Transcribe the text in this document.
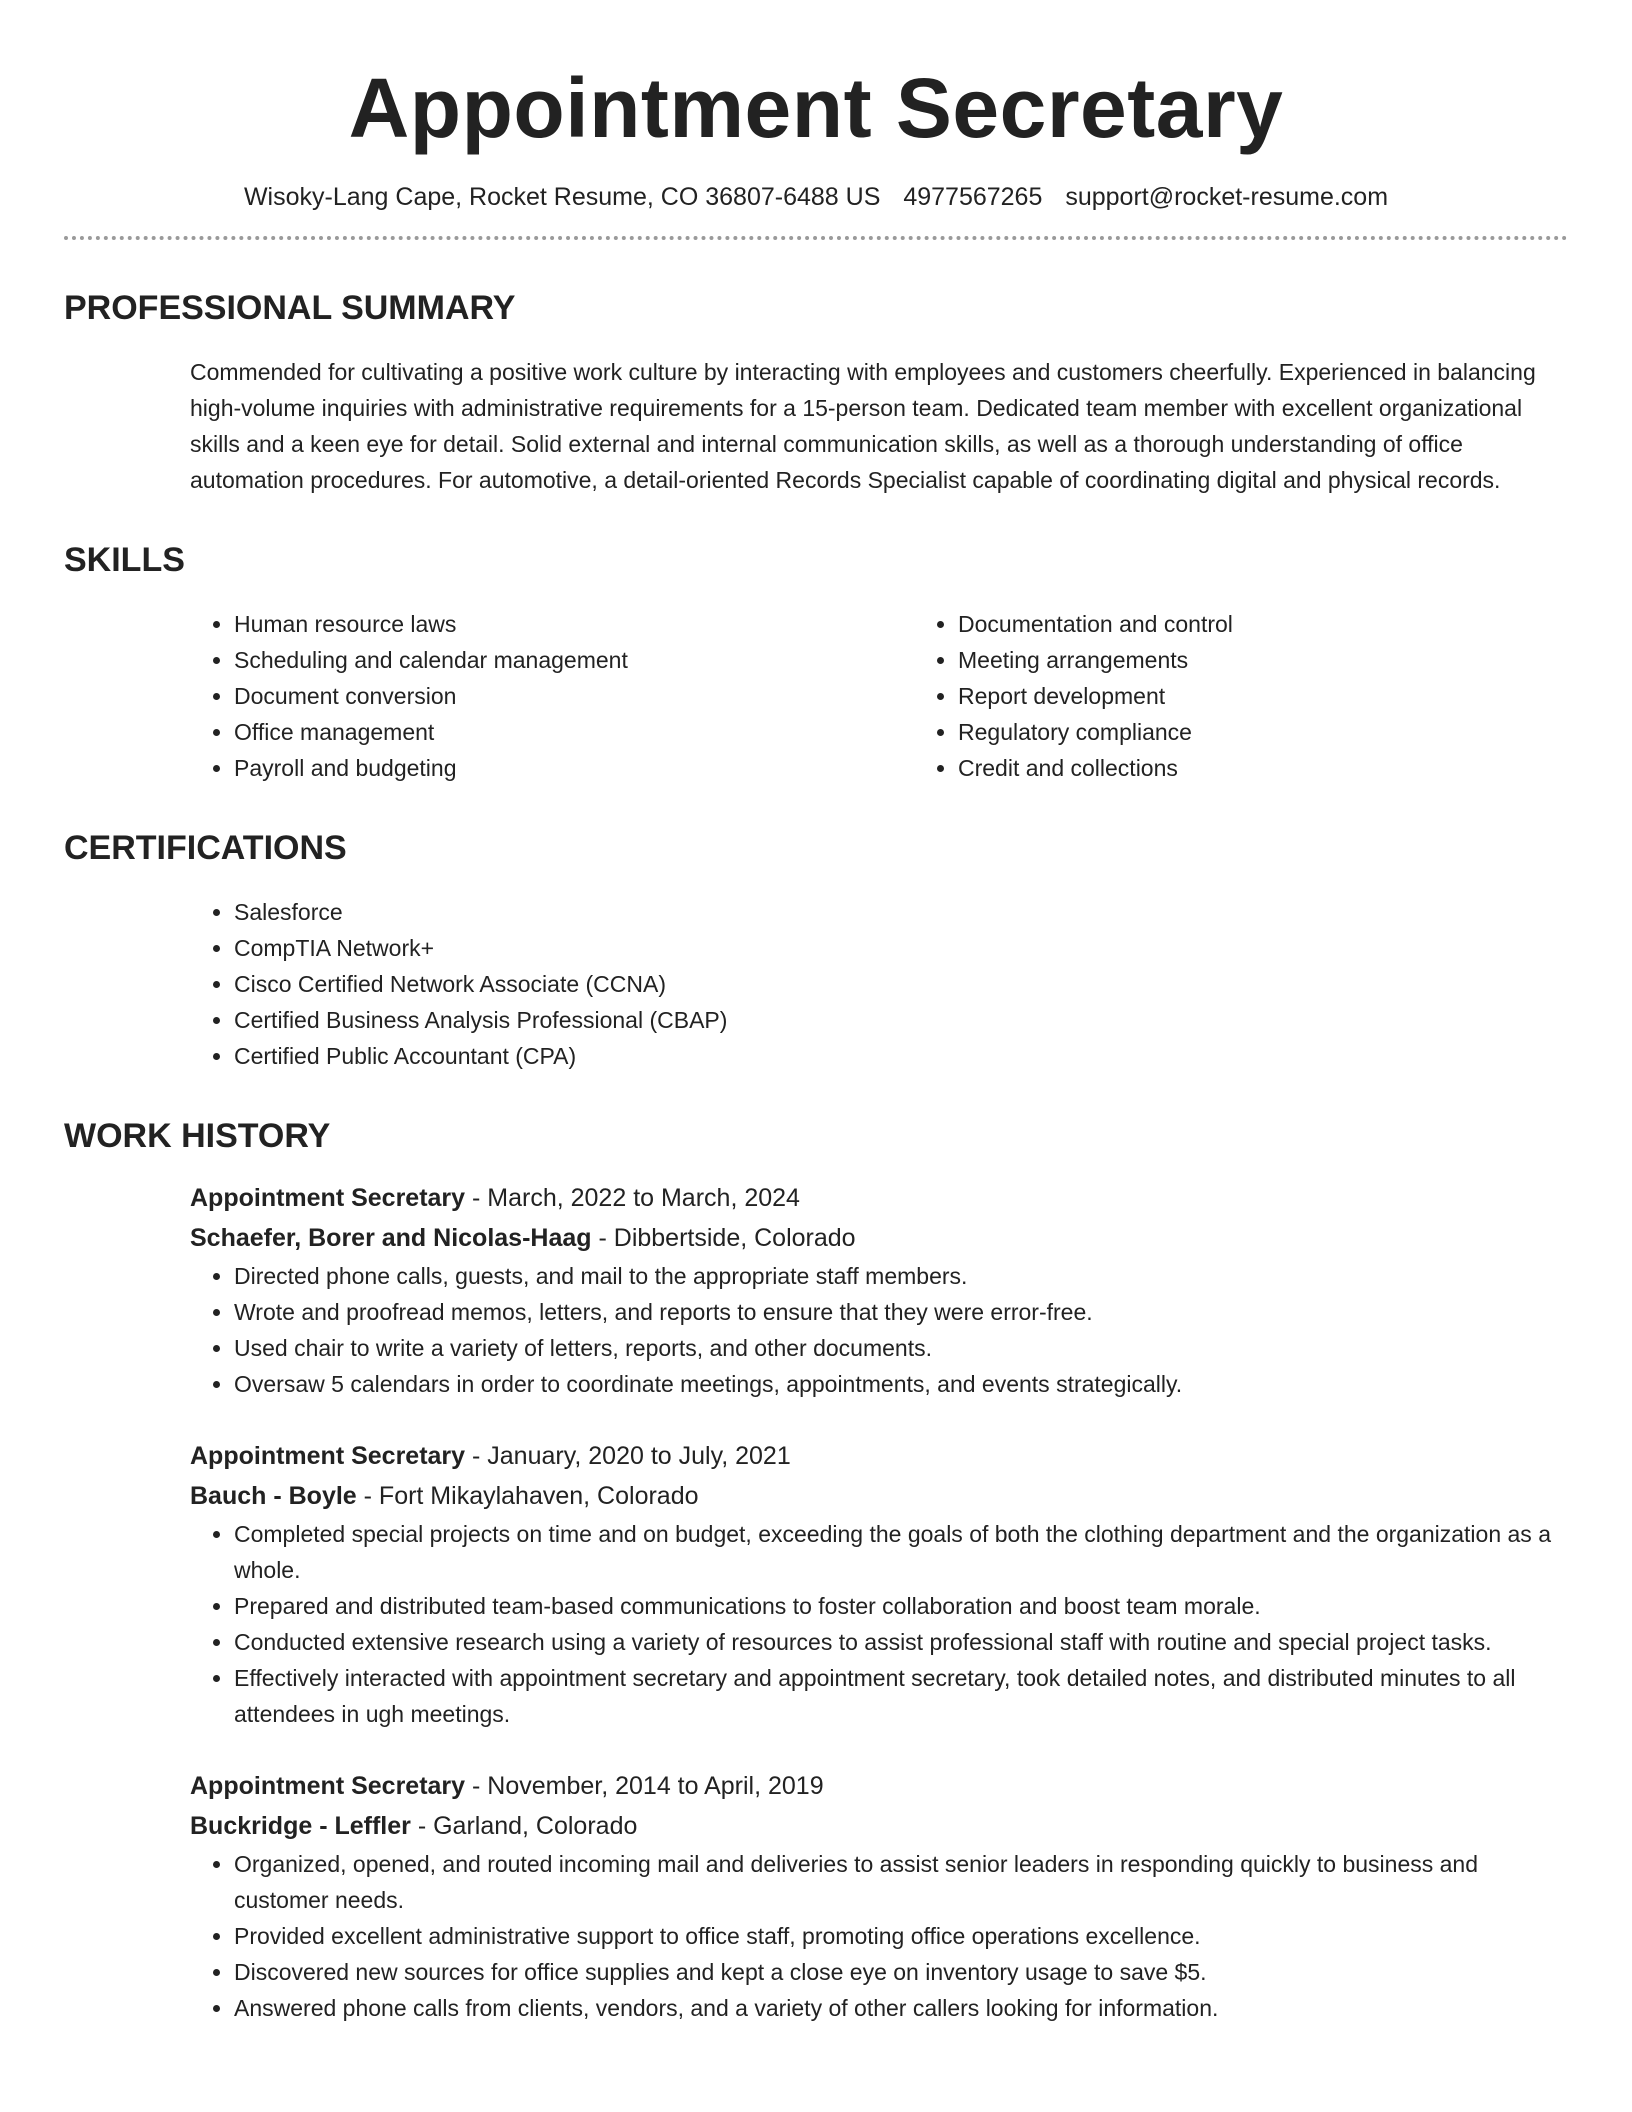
Appointment Secretary
Wisoky-Lang Cape, Rocket Resume, CO 36807-6488 US 4977567265 support@rocket-resume.com
PROFESSIONAL SUMMARY

Commended for cultivating a positive work culture by interacting with employees and customers cheerfully. Experienced in balancing high-volume inquiries with administrative requirements for a 15-person team. Dedicated team member with excellent organizational skills and a keen eye for detail. Solid external and internal communication skills, as well as a thorough understanding of office automation procedures. For automotive, a detail-oriented Records Specialist capable of coordinating digital and physical records.

SKILLS
• Human resource laws
• Scheduling and calendar management
• Document conversion
• Office management
• Payroll and budgeting
• Documentation and control
• Meeting arrangements
• Report development
• Regulatory compliance
• Credit and collections
CERTIFICATIONS
• Salesforce
• CompTIA Network+
• Cisco Certified Network Associate (CCNA)
• Certified Business Analysis Professional (CBAP)
• Certified Public Accountant (CPA)
WORK HISTORY
Appointment Secretary - March, 2022 to March, 2024
Schaefer, Borer and Nicolas-Haag - Dibbertside, Colorado
• Directed phone calls, guests, and mail to the appropriate staff members.
• Wrote and proofread memos, letters, and reports to ensure that they were error-free.
• Used chair to write a variety of letters, reports, and other documents.
• Oversaw 5 calendars in order to coordinate meetings, appointments, and events strategically.
Appointment Secretary - January, 2020 to July, 2021
Bauch - Boyle - Fort Mikaylahaven, Colorado
• Completed special projects on time and on budget, exceeding the goals of both the clothing department and the organization as a whole.
• Prepared and distributed team-based communications to foster collaboration and boost team morale.
• Conducted extensive research using a variety of resources to assist professional staff with routine and special project tasks.
• Effectively interacted with appointment secretary and appointment secretary, took detailed notes, and distributed minutes to all attendees in ugh meetings.
Appointment Secretary - November, 2014 to April, 2019
Buckridge - Leffler - Garland, Colorado
• Organized, opened, and routed incoming mail and deliveries to assist senior leaders in responding quickly to business and customer needs.
• Provided excellent administrative support to office staff, promoting office operations excellence.
• Discovered new sources for office supplies and kept a close eye on inventory usage to save $5.
• Answered phone calls from clients, vendors, and a variety of other callers looking for information.
